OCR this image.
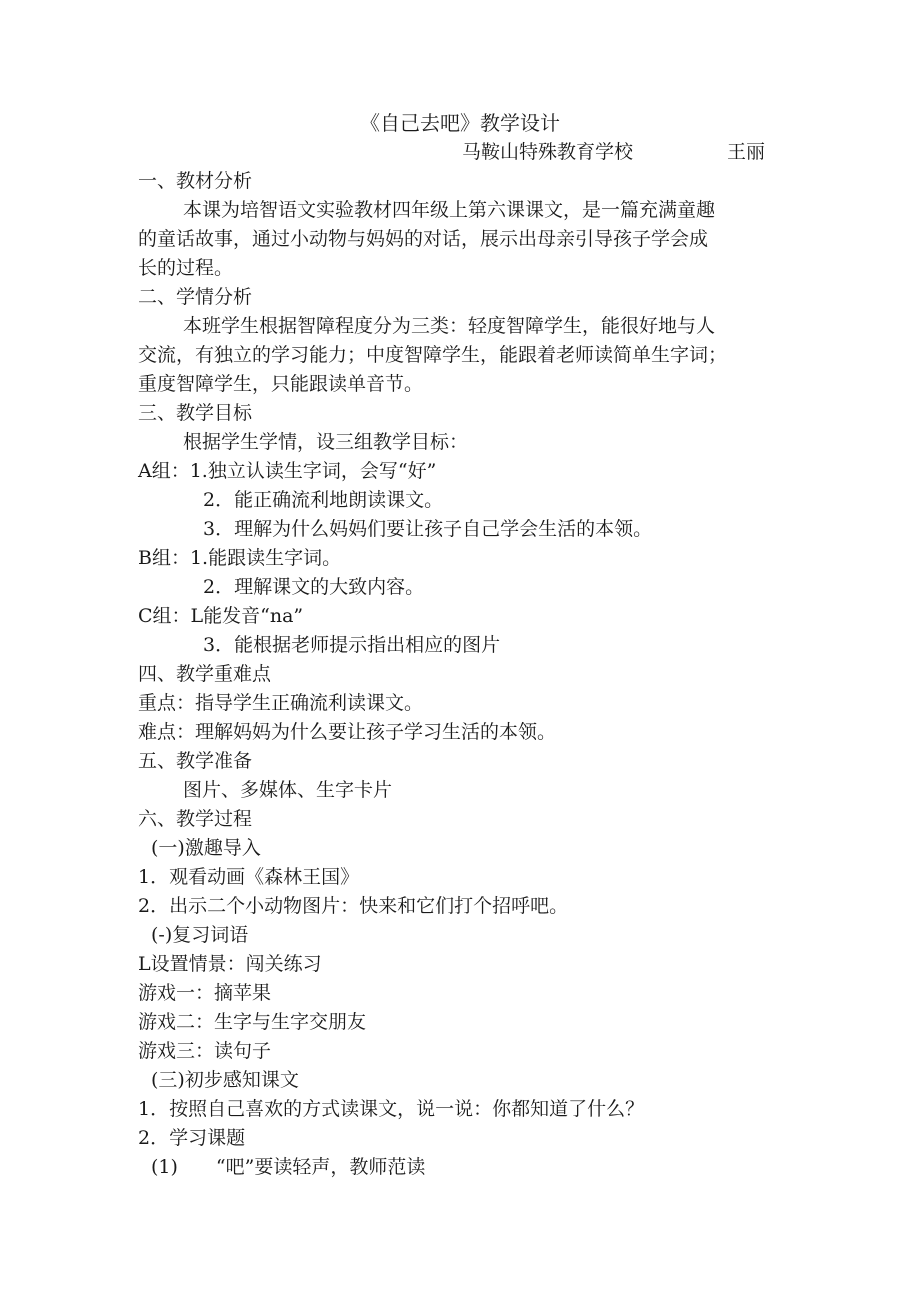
《自己去吧》教学设计
马鞍山特殊教育学校	王丽
一、教材分析
本课为培智语文实验教材四年级上第六课课文，是一篇充满童趣
的童话故事，通过小动物与妈妈的对话，展示出母亲引导孩子学会成
长的过程。
二、学情分析
本班学生根据智障程度分为三类：轻度智障学生，能很好地与人
交流，有独立的学习能力；中度智障学生，能跟着老师读简单生字词；
重度智障学生，只能跟读单音节。
三、教学目标
根据学生学情，设三组教学目标：
A组：1.独立认读生字词，会写“好”
2．能正确流利地朗读课文。
3．理解为什么妈妈们要让孩子自己学会生活的本领。
B组：1.能跟读生字词。
2．理解课文的大致内容。
C组：L能发音“na”
3．能根据老师提示指出相应的图片
四、教学重难点
重点：指导学生正确流利读课文。
难点：理解妈妈为什么要让孩子学习生活的本领。
五、教学准备
图片、多媒体、生字卡片
六、教学过程
(一)激趣导入
1．观看动画《森林王国》
2．出示二个小动物图片：快来和它们打个招呼吧。
(-)复习词语
L设置情景：闯关练习
游戏一：摘苹果
游戏二：生字与生字交朋友
游戏三：读句子
(三)初步感知课文
1．按照自己喜欢的方式读课文，说一说：你都知道了什么？
2．学习课题
(1)　　“吧”要读轻声，教师范读
